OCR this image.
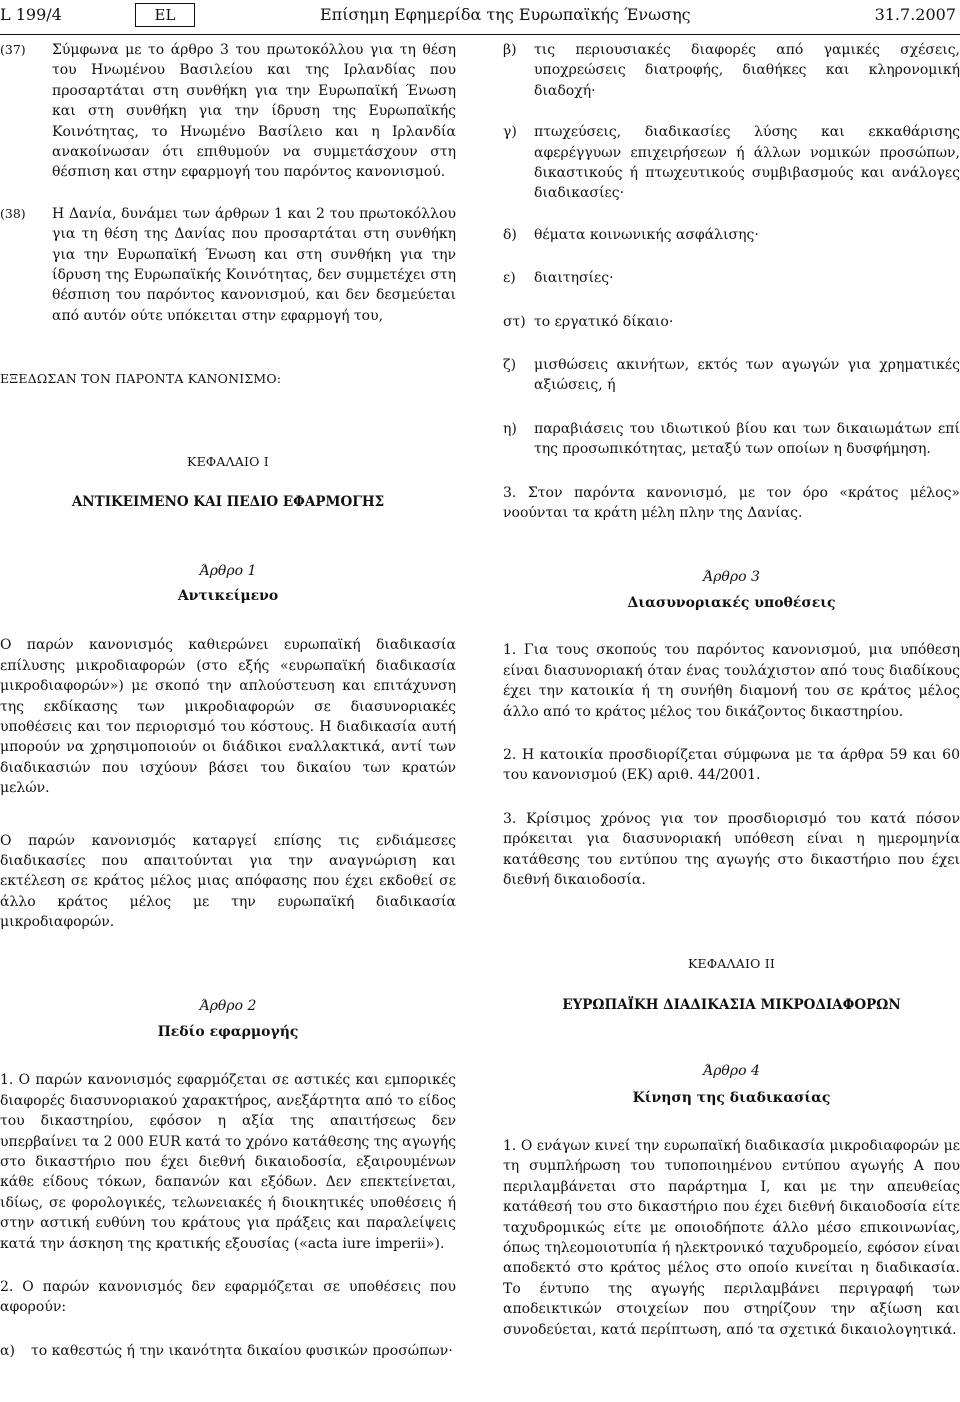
L 199/4	EL	Επίσημη Εφημερίδα της Ευρωπαϊκής Ένωσης	31.7.2007
(37) Σύμφωνα με το άρθρο 3 του πρωτοκόλλου για τη θέση του Ηνωμένου Βασιλείου και της Ιρλανδίας που προσαρτάται στη συνθήκη για την Ευρωπαϊκή Ένωση και στη συνθήκη για την ίδρυση της Ευρωπαϊκής Κοινότητας, το Ηνωμένο Βασίλειο και η Ιρλανδία ανακοίνωσαν ότι επιθυμούν να συμμετάσχουν στη θέσπιση και στην εφαρμογή του παρόντος κανονισμού.

(38) Η Δανία, δυνάμει των άρθρων 1 και 2 του πρωτοκόλλου για τη θέση της Δανίας που προσαρτάται στη συνθήκη για την Ευρωπαϊκή Ένωση και στη συνθήκη για την ίδρυση της Ευρωπαϊκής Κοινότητας, δεν συμμετέχει στη θέσπιση του παρόντος κανονισμού, και δεν δεσμεύεται από αυτόν ούτε υπόκειται στην εφαρμογή του,

ΕΞΕΔΩΣΑΝ ΤΟΝ ΠΑΡΟΝΤΑ ΚΑΝΟΝΙΣΜΟ:

ΚΕΦΑΛΑΙΟ I

ΑΝΤΙΚΕΙΜΕΝΟ ΚΑΙ ΠΕΔΙΟ ΕΦΑΡΜΟΓΗΣ

Άρθρο 1

Αντικείμενο

Ο παρών κανονισμός καθιερώνει ευρωπαϊκή διαδικασία επίλυσης μικροδιαφορών (στο εξής «ευρωπαϊκή διαδικασία μικροδιαφορών») με σκοπό την απλούστευση και επιτάχυνση της εκδίκασης των μικροδιαφορών σε διασυνοριακές υποθέσεις και τον περιορισμό του κόστους. Η διαδικασία αυτή μπορούν να χρησιμοποιούν οι διάδικοι εναλλακτικά, αντί των διαδικασιών που ισχύουν βάσει του δικαίου των κρατών μελών.

Ο παρών κανονισμός καταργεί επίσης τις ενδιάμεσες διαδικασίες που απαιτούνται για την αναγνώριση και εκτέλεση σε κράτος μέλος μιας απόφασης που έχει εκδοθεί σε άλλο κράτος μέλος με την ευρωπαϊκή διαδικασία μικροδιαφορών.

Άρθρο 2

Πεδίο εφαρμογής

1. Ο παρών κανονισμός εφαρμόζεται σε αστικές και εμπορικές διαφορές διασυνοριακού χαρακτήρος, ανεξάρτητα από το είδος του δικαστηρίου, εφόσον η αξία της απαιτήσεως δεν υπερβαίνει τα 2 000 EUR κατά το χρόνο κατάθεσης της αγωγής στο δικαστήριο που έχει διεθνή δικαιοδοσία, εξαιρουμένων κάθε είδους τόκων, δαπανών και εξόδων. Δεν επεκτείνεται, ιδίως, σε φορολογικές, τελωνειακές ή διοικητικές υποθέσεις ή στην αστική ευθύνη του κράτους για πράξεις και παραλείψεις κατά την άσκηση της κρατικής εξουσίας («acta iure imperii»).

2. Ο παρών κανονισμός δεν εφαρμόζεται σε υποθέσεις που αφορούν:

α) το καθεστώς ή την ικανότητα δικαίου φυσικών προσώπων·

β) τις περιουσιακές διαφορές από γαμικές σχέσεις, υποχρεώσεις διατροφής, διαθήκες και κληρονομική διαδοχή·

γ) πτωχεύσεις, διαδικασίες λύσης και εκκαθάρισης αφερέγγυων επιχειρήσεων ή άλλων νομικών προσώπων, δικαστικούς ή πτωχευτικούς συμβιβασμούς και ανάλογες διαδικασίες·

δ) θέματα κοινωνικής ασφάλισης·

ε) διαιτησίες·

στ) το εργατικό δίκαιο·

ζ) μισθώσεις ακινήτων, εκτός των αγωγών για χρηματικές αξιώσεις, ή

η) παραβιάσεις του ιδιωτικού βίου και των δικαιωμάτων επί της προσωπικότητας, μεταξύ των οποίων η δυσφήμηση.

3. Στον παρόντα κανονισμό, με τον όρο «κράτος μέλος» νοούνται τα κράτη μέλη πλην της Δανίας.

Άρθρο 3

Διασυνοριακές υποθέσεις

1. Για τους σκοπούς του παρόντος κανονισμού, μια υπόθεση είναι διασυνοριακή όταν ένας τουλάχιστον από τους διαδίκους έχει την κατοικία ή τη συνήθη διαμονή του σε κράτος μέλος άλλο από το κράτος μέλος του δικάζοντος δικαστηρίου.

2. Η κατοικία προσδιορίζεται σύμφωνα με τα άρθρα 59 και 60 του κανονισμού (ΕΚ) αριθ. 44/2001.

3. Κρίσιμος χρόνος για τον προσδιορισμό του κατά πόσον πρόκειται για διασυνοριακή υπόθεση είναι η ημερομηνία κατάθεσης του εντύπου της αγωγής στο δικαστήριο που έχει διεθνή δικαιοδοσία.

ΚΕΦΑΛΑΙΟ II

ΕΥΡΩΠΑΪΚΗ ΔΙΑΔΙΚΑΣΙΑ ΜΙΚΡΟΔΙΑΦΟΡΩΝ

Άρθρο 4

Κίνηση της διαδικασίας

1. Ο ενάγων κινεί την ευρωπαϊκή διαδικασία μικροδιαφορών με τη συμπλήρωση του τυποποιημένου εντύπου αγωγής Α που περιλαμβάνεται στο παράρτημα Ι, και με την απευθείας κατάθεσή του στο δικαστήριο που έχει διεθνή δικαιοδοσία είτε ταχυδρομικώς είτε με οποιοδήποτε άλλο μέσο επικοινωνίας, όπως τηλεομοιοτυπία ή ηλεκτρονικό ταχυδρομείο, εφόσον είναι αποδεκτό στο κράτος μέλος στο οποίο κινείται η διαδικασία. Το έντυπο της αγωγής περιλαμβάνει περιγραφή των αποδεικτικών στοιχείων που στηρίζουν την αξίωση και συνοδεύεται, κατά περίπτωση, από τα σχετικά δικαιολογητικά.
